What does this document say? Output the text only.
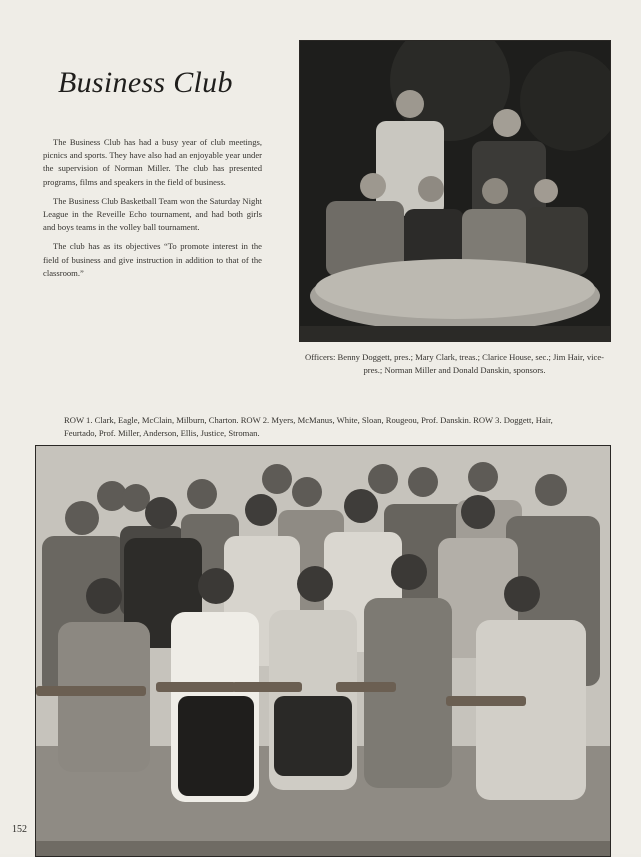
Business Club

The Business Club has had a busy year of club meetings, picnics and sports. They have also had an enjoyable year under the supervision of Norman Miller. The club has presented programs, films and speakers in the field of business.

The Business Club Basketball Team won the Saturday Night League in the Reveille Echo tournament, and had both girls and boys teams in the volley ball tournament.

The club has as its objectives “To promote interest in the field of business and give instruction in addition to that of the classroom.”

Officers: Benny Doggett, pres.; Mary Clark, treas.; Clarice House, sec.; Jim Hair, vice-pres.; Norman Miller and Donald Danskin, sponsors.
ROW 1. Clark, Eagle, McClain, Milburn, Charton. ROW 2. Myers, McManus, White, Sloan, Rougeou, Prof. Danskin. ROW 3. Doggett, Hair, Feurtado, Prof. Miller, Anderson, Ellis, Justice, Stroman.
152
